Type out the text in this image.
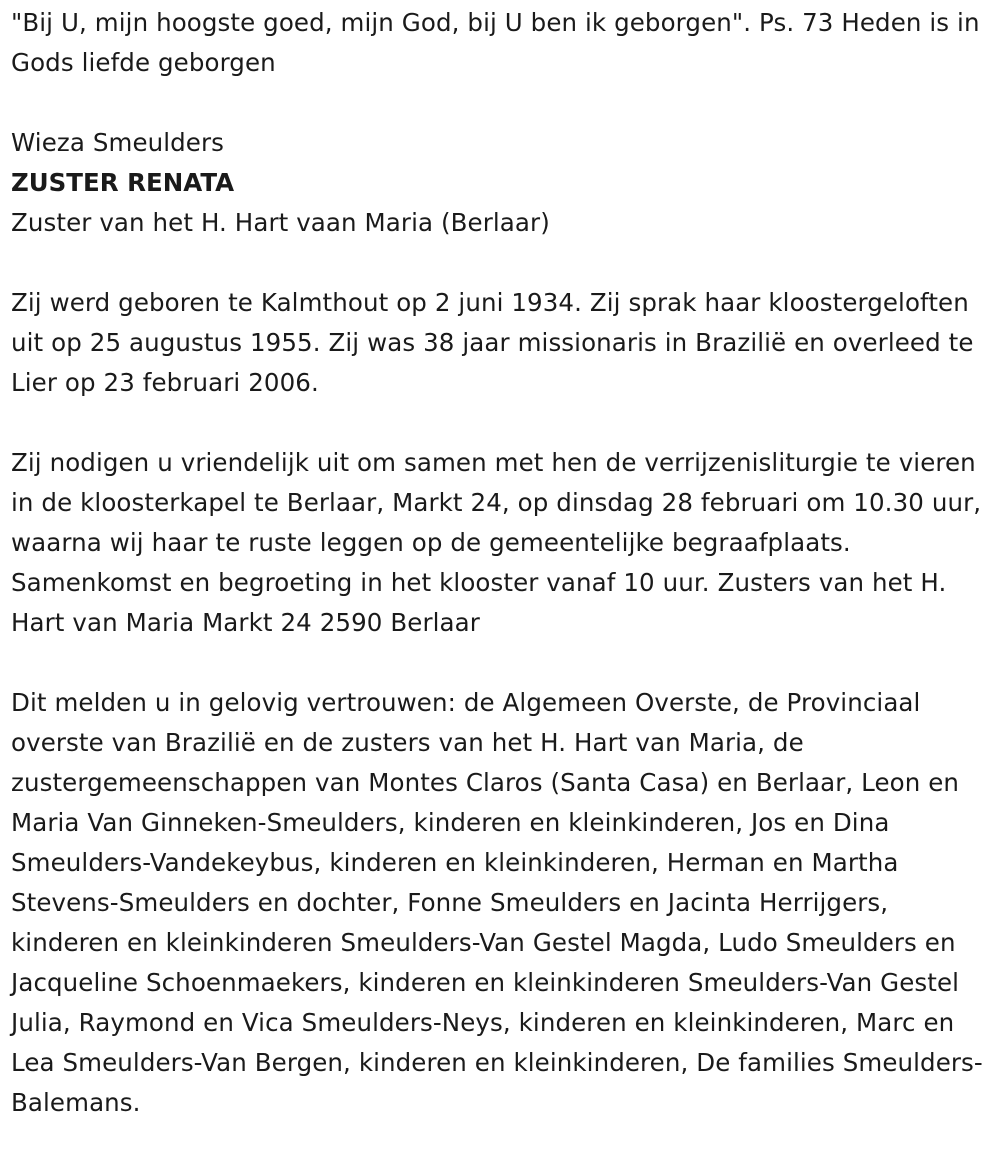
"Bij U, mijn hoogste goed, mijn God, bij U ben ik geborgen". Ps. 73 Heden is in Gods liefde geborgen

Wieza Smeulders

ZUSTER RENATA

Zuster van het H. Hart vaan Maria (Berlaar)

Zij werd geboren te Kalmthout op 2 juni 1934. Zij sprak haar kloostergeloften uit op 25 augustus 1955. Zij was 38 jaar missionaris in Brazilië en overleed te Lier op 23 februari 2006.

Zij nodigen u vriendelijk uit om samen met hen de verrijzenisliturgie te vieren in de kloosterkapel te Berlaar, Markt 24, op dinsdag 28 februari om 10.30 uur, waarna wij haar te ruste leggen op de gemeentelijke begraafplaats. Samenkomst en begroeting in het klooster vanaf 10 uur. Zusters van het H. Hart van Maria Markt 24 2590 Berlaar

Dit melden u in gelovig vertrouwen: de Algemeen Overste, de Provinciaal overste van Brazilië en de zusters van het H. Hart van Maria, de zustergemeenschappen van Montes Claros (Santa Casa) en Berlaar, Leon en Maria Van Ginneken-Smeulders, kinderen en kleinkinderen, Jos en Dina Smeulders-Vandekeybus, kinderen en kleinkinderen, Herman en Martha Stevens-Smeulders en dochter, Fonne Smeulders en Jacinta Herrijgers, kinderen en kleinkinderen Smeulders-Van Gestel Magda, Ludo Smeulders en Jacqueline Schoenmaekers, kinderen en kleinkinderen Smeulders-Van Gestel Julia, Raymond en Vica Smeulders-Neys, kinderen en kleinkinderen, Marc en Lea Smeulders-Van Bergen, kinderen en kleinkinderen, De families Smeulders-Balemans.
